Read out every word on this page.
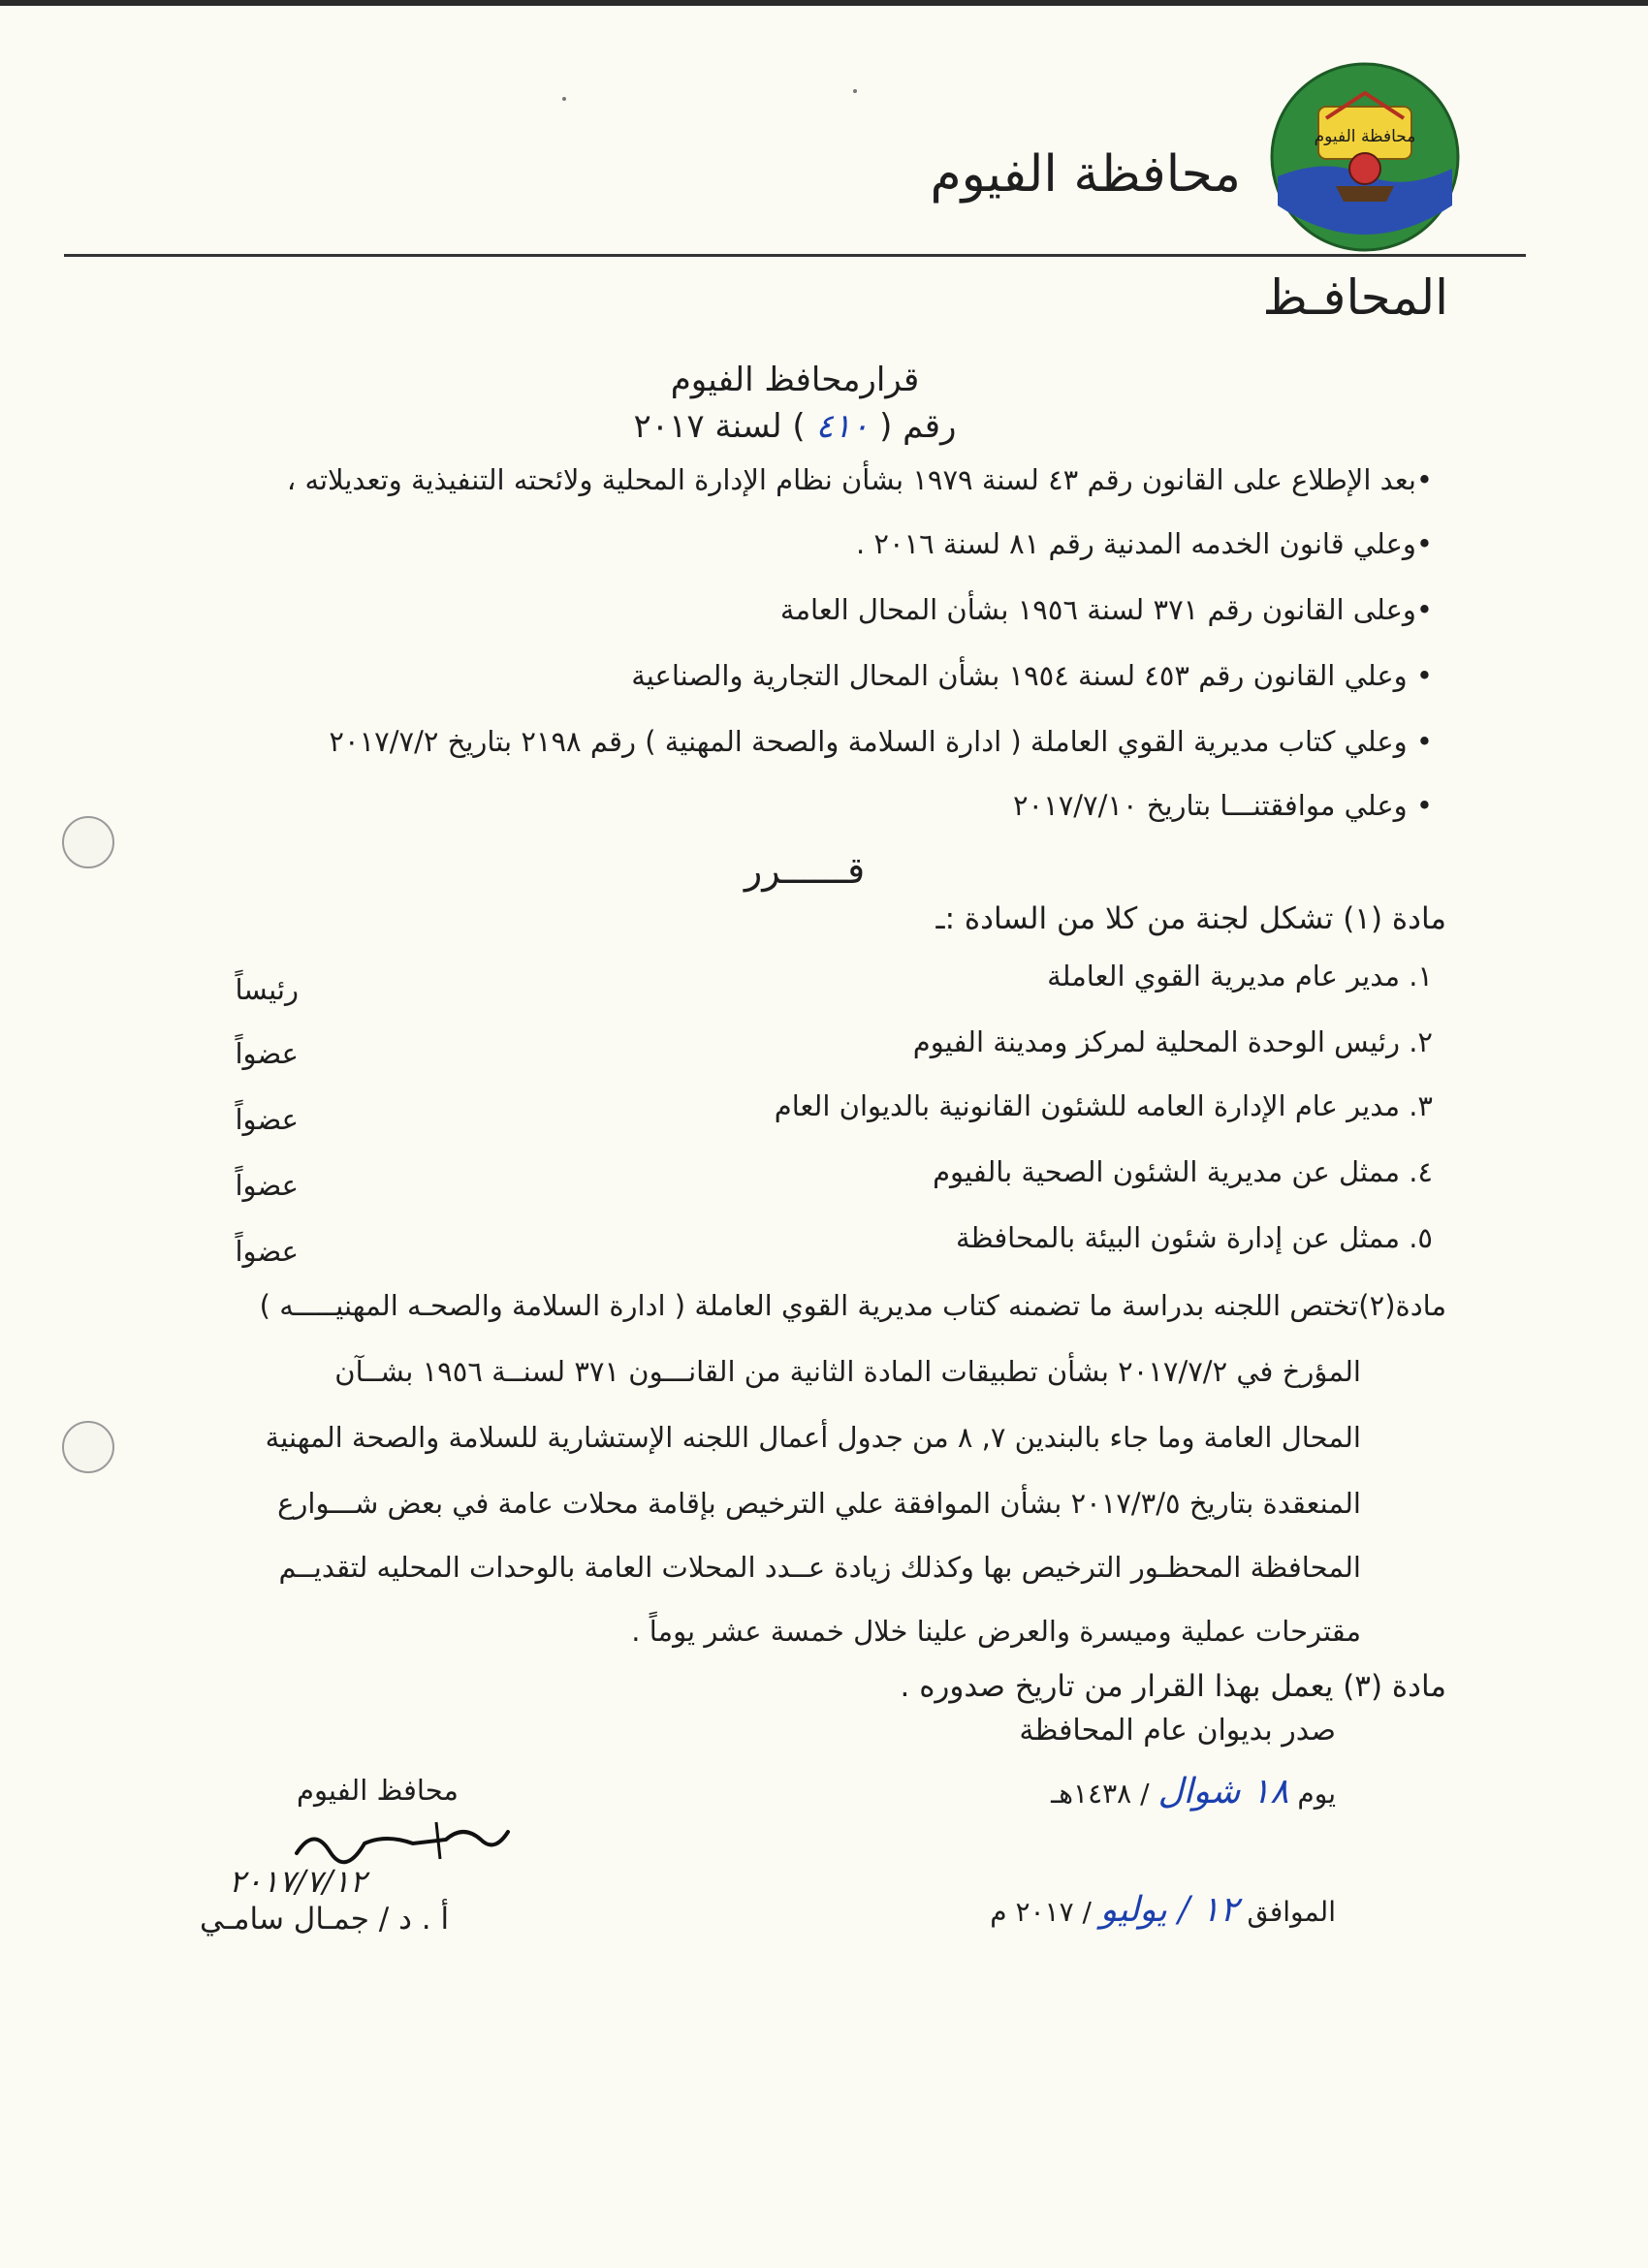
محافظة الفيوم
محافظة الفيوم
المحافـظ
قرارمحافظ الفيوم
رقم ( ٤١٠ ) لسنة ٢٠١٧
•بعد الإطلاع على القانون رقم ٤٣ لسنة ١٩٧٩ بشأن نظام الإدارة المحلية ولائحته التنفيذية وتعديلاته ،
•وعلي قانون الخدمه المدنية رقم ٨١ لسنة ٢٠١٦ .
•وعلى القانون رقم ٣٧١ لسنة ١٩٥٦ بشأن المحال العامة
• وعلي القانون رقم ٤٥٣ لسنة ١٩٥٤ بشأن المحال التجارية والصناعية
• وعلي كتاب مديرية القوي العاملة ( ادارة السلامة والصحة المهنية ) رقم ٢١٩٨ بتاريخ ٢٠١٧/٧/٢
• وعلي موافقتنـــا بتاريخ ٢٠١٧/٧/١٠
قــــــرر
مادة (١) تشكل لجنة من كلا من السادة :ـ
١. مدير عام مديرية القوي العاملة
رئيساً
٢. رئيس الوحدة المحلية لمركز ومدينة الفيوم
عضواً
٣. مدير عام الإدارة العامه للشئون القانونية بالديوان العام
عضواً
٤. ممثل عن مديرية الشئون الصحية بالفيوم
عضواً
٥. ممثل عن إدارة شئون البيئة بالمحافظة
عضواً
مادة(٢)تختص اللجنه بدراسة ما تضمنه كتاب مديرية القوي العاملة ( ادارة السلامة والصحـه المهنيـــــه )
المؤرخ في ٢٠١٧/٧/٢ بشأن تطبيقات المادة الثانية من القانـــون ٣٧١ لسنــة ١٩٥٦ بشــآن
المحال العامة وما جاء بالبندين ٧, ٨ من جدول أعمال اللجنه الإستشارية للسلامة والصحة المهنية
المنعقدة بتاريخ ٢٠١٧/٣/٥ بشأن الموافقة علي الترخيص بإقامة محلات عامة في بعض شـــوارع
المحافظة المحظـور الترخيص بها وكذلك زيادة عــدد المحلات العامة بالوحدات المحليه لتقديــم
مقترحات عملية وميسرة والعرض علينا خلال خمسة عشر يوماً .
مادة (٣) يعمل بهذا القرار من تاريخ صدوره .
صدر بديوان عام المحافظة
يوم ١٨ شوال / ١٤٣٨هـ
الموافق ١٢ / يوليو / ٢٠١٧ م
محافظ الفيوم
٢٠١٧/٧/١٢
أ . د / جمـال سامـي
